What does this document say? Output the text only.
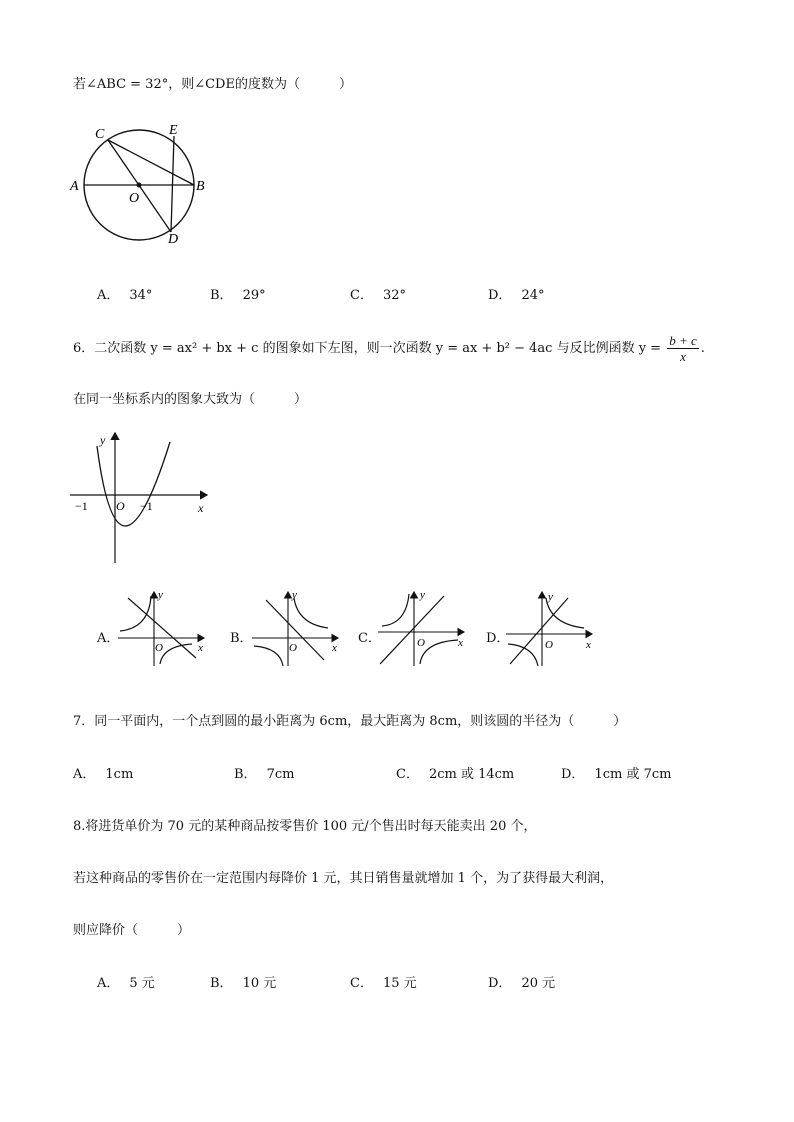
若∠ABC = 32°，则∠CDE的度数为（　　　）
A	B
C
D
E
O
A． 34°	B． 29°	C． 32°	D． 24°
6．二次函数 y = ax² + bx + c 的图象如下左图，则一次函数 y = ax + b² − 4ac 与反比例函数 $y = \frac{b + c}{x}$ .
在同一坐标系内的图象大致为（　　　）
y
x
O
−1	−1
A．
y
x
O
B．
y
x
O
C．
y
x
O	D．
y
x
O
7．同一平面内，一个点到圆的最小距离为 6cm，最大距离为 8cm，则该圆的半径为（　　　）
A． 1cm	B． 7cm	C． 2cm 或 14cm	D． 1cm 或 7cm
8.将进货单价为 70 元的某种商品按零售价 100 元/个售出时每天能卖出 20 个，
若这种商品的零售价在一定范围内每降价 1 元，其日销售量就增加 1 个，为了获得最大利润，
则应降价（　　　）
A． 5 元	B． 10 元	C． 15 元	D． 20 元
